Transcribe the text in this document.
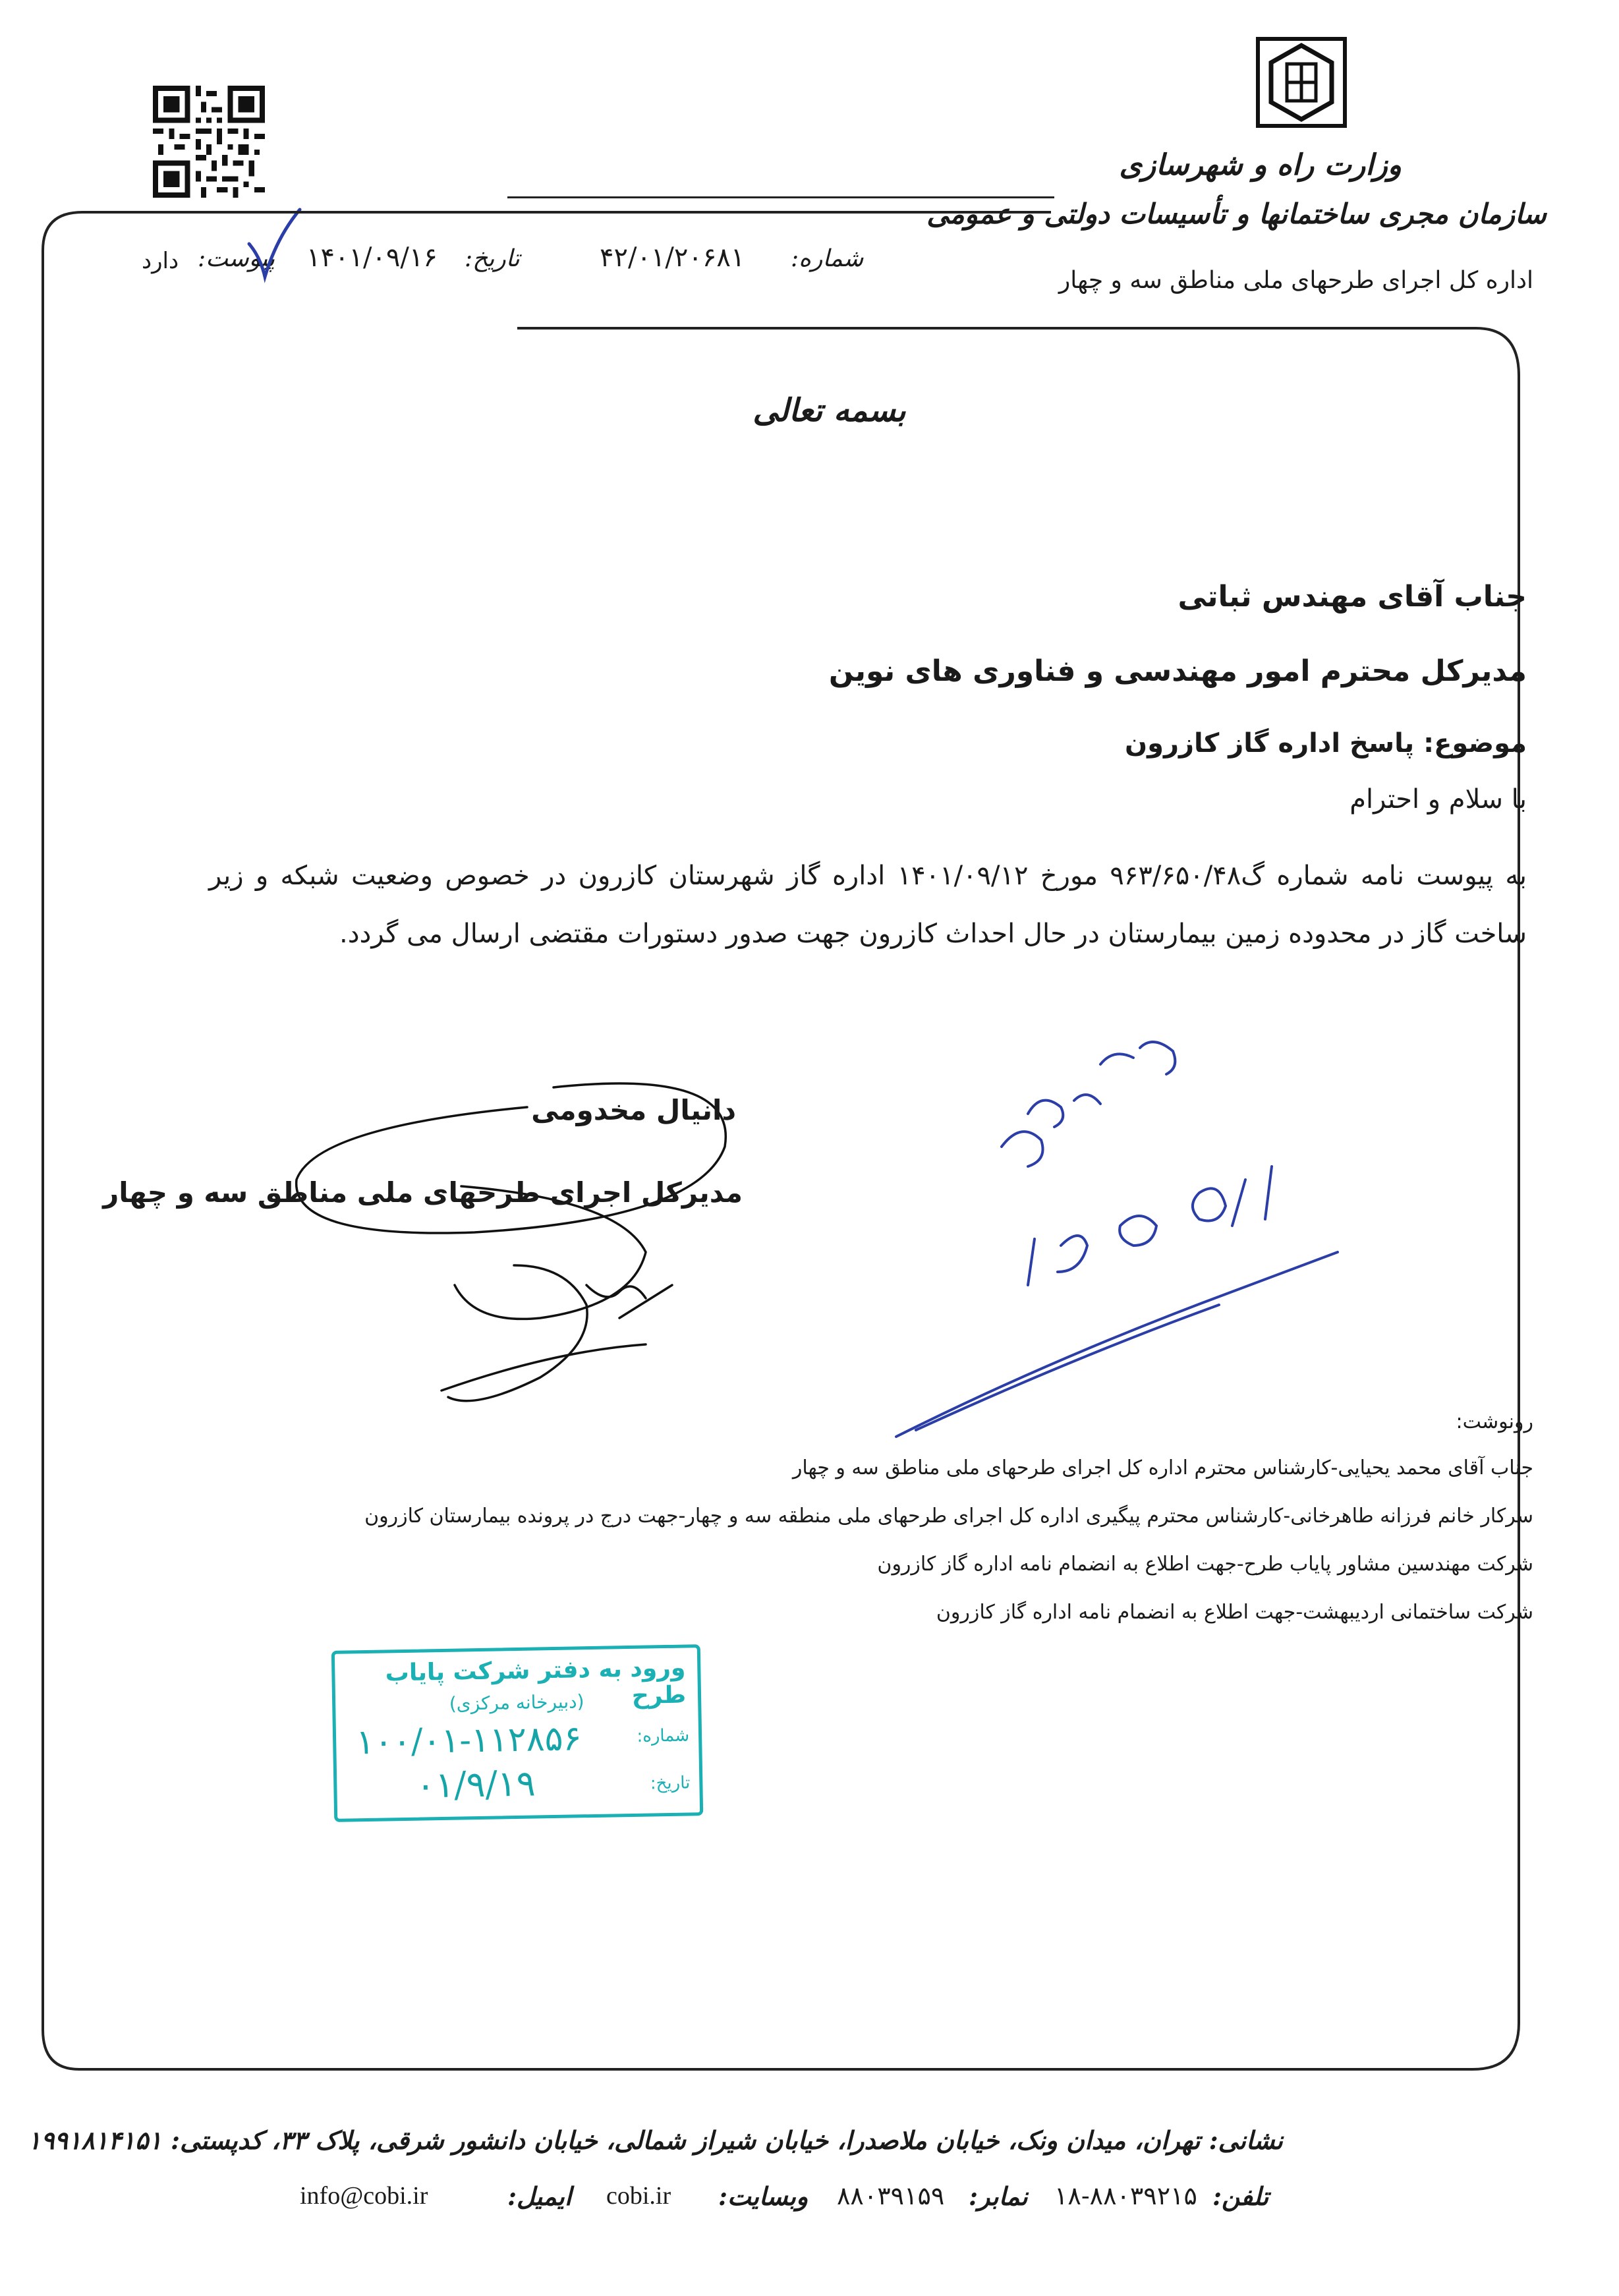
وزارت راه و شهرسازی
سازمان مجری ساختمانها و تأسیسات دولتی و عمومی
شماره:
۴۲/۰۱/۲۰۶۸۱
تاریخ:
۱۴۰۱/۰۹/۱۶
پیوست:
دارد
اداره کل اجرای طرحهای ملی مناطق سه و چهار
بسمه تعالی
جناب آقای مهندس ثباتی
مدیرکل محترم امور مهندسی و فناوری های نوین
موضوع: پاسخ اداره گاز کازرون
با سلام و احترام
به پیوست نامه شماره گ۹۶۳/۶۵۰/۴۸ مورخ ۱۴۰۱/۰۹/۱۲ اداره گاز شهرستان کازرون در خصوص وضعیت شبکه و زیر ساخت گاز در محدوده زمین بیمارستان در حال احداث کازرون جهت صدور دستورات مقتضی ارسال می گردد.
دانیال مخدومی
مدیرکل اجرای طرحهای ملی مناطق سه و چهار
رونوشت:
جناب آقای محمد یحیایی-کارشناس محترم اداره کل اجرای طرحهای ملی مناطق سه و چهار
سرکار خانم فرزانه طاهرخانی-کارشناس محترم پیگیری اداره کل اجرای طرحهای ملی منطقه سه و چهار-جهت درج در پرونده بیمارستان کازرون
شرکت مهندسین مشاور پایاب طرح-جهت اطلاع به انضمام نامه اداره گاز کازرون
شرکت ساختمانی اردیبهشت-جهت اطلاع به انضمام نامه اداره گاز کازرون
ورود به دفتر شرکت پایاب طرح
(دبیرخانه مرکزی)
شماره:
۱۰۰/۰۱-۱۱۲۸۵۶
تاریخ:
۰۱/۹/۱۹
نشانی: تهران، میدان ونک، خیابان ملاصدرا، خیابان شیراز شمالی، خیابان دانشور شرقی، پلاک ۳۳، کدپستی: ۱۹۹۱۸۱۴۱۵۱
تلفن:
۱۸-۸۸۰۳۹۲۱۵
نمابر:
۸۸۰۳۹۱۵۹
وبسایت:
cobi.ir
ایمیل:
info@cobi.ir
